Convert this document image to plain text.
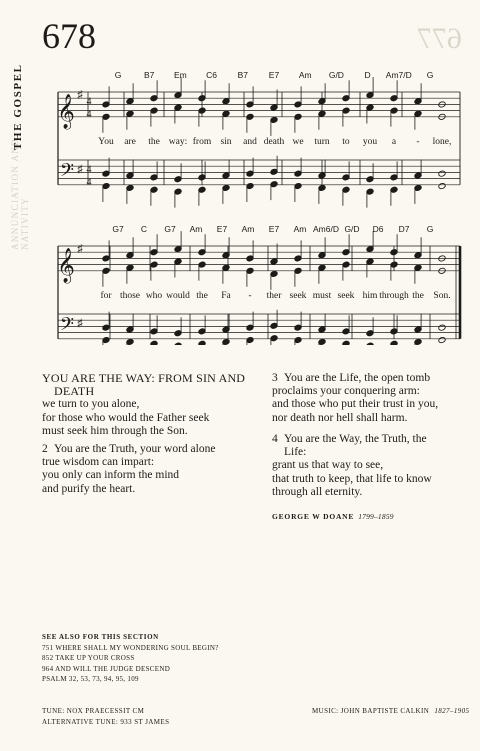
677
ANNUNCIATION AND NATIVITY
THE GOSPEL
678
𝄞
𝄢
♯
♯
4
4
4
4
G	B7 Em C6 B7 E7 Am G/D D Am7/D G
You are the way: from sin and death we turn to you a - lone,
𝄞
𝄢
♯
♯
G7 C G7 Am E7 Am E7 Am Am6/D G/D D6 D7 G
for those who would the Fa - ther seek must seek him through the Son.
YOU ARE THE WAY: FROM SIN AND
DEATH
we turn to you alone,
for those who would the Father seek
must seek him through the Son.
2 You are the Truth, your word alone
true wisdom can impart:
you only can inform the mind
and purify the heart.
3 You are the Life, the open tomb
proclaims your conquering arm:
and those who put their trust in you,
nor death nor hell shall harm.
4 You are the Way, the Truth, the
Life:
grant us that way to see,
that truth to keep, that life to know
through all eternity.
GEORGE W DOANE 1799–1859
SEE ALSO FOR THIS SECTION
751 WHERE SHALL MY WONDERING SOUL BEGIN?
852 TAKE UP YOUR CROSS
964 AND WILL THE JUDGE DESCEND
PSALM 32, 53, 73, 94, 95, 109
TUNE: NOX PRAECESSIT CM
ALTERNATIVE TUNE: 933 ST JAMES
MUSIC: JOHN BAPTISTE CALKIN 1827–1905
